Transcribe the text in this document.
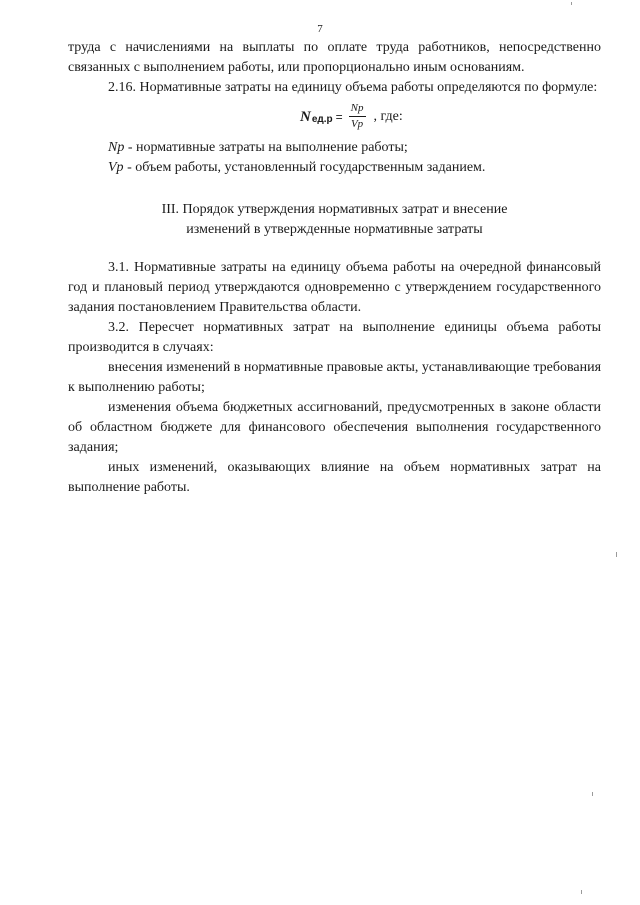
7

труда с начислениями на выплаты по оплате труда работников, непосредственно связанных с выполнением работы, или пропорционально иным основаниям.

2.16. Нормативные затраты на единицу объема работы определяются по формуле:

N $ед.р = \frac{Np}{Vp}$ , где:

Np - нормативные затраты на выполнение работы;

Vp - объем работы, установленный государственным заданием.

III. Порядок утверждения нормативных затрат и внесение
изменений в утвержденные нормативные затраты

3.1. Нормативные затраты на единицу объема работы на очередной финансовый год и плановый период утверждаются одновременно с утверждением государственного задания постановлением Правительства области.

3.2. Пересчет нормативных затрат на выполнение единицы объема работы производится в случаях:

внесения изменений в нормативные правовые акты, устанавливающие требования к выполнению работы;

изменения объема бюджетных ассигнований, предусмотренных в законе области об областном бюджете для финансового обеспечения выполнения государственного задания;

иных изменений, оказывающих влияние на объем нормативных затрат на выполнение работы.
